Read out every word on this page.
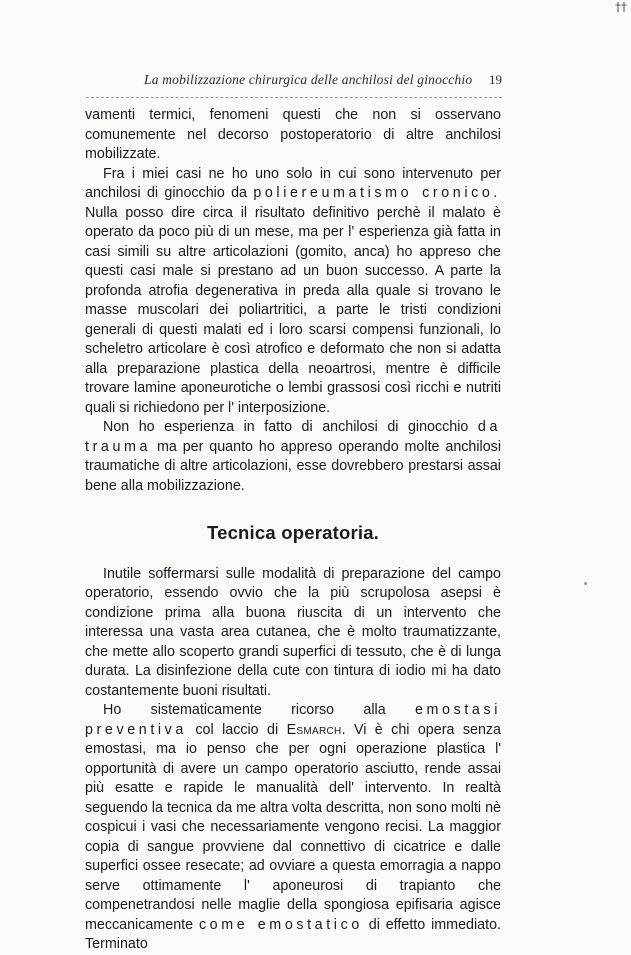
††
La mobilizzazione chirurgica delle anchilosi del ginocchio 19

vamenti termici, fenomeni questi che non si osservano comunemente nel decorso postoperatorio di altre anchilosi mobilizzate.

Fra i miei casi ne ho uno solo in cui sono intervenuto per anchilosi di ginocchio da poliereumatismo cronico. Nulla posso dire circa il risultato definitivo perchè il malato è operato da poco più di un mese, ma per l' esperienza già fatta in casi simili su altre articolazioni (gomito, anca) ho appreso che questi casi male si prestano ad un buon successo. A parte la profonda atrofia degenerativa in preda alla quale si trovano le masse muscolari dei poliartritici, a parte le tristi condizioni generali di questi malati ed i loro scarsi compensi funzionali, lo scheletro articolare è così atrofico e deformato che non si adatta alla preparazione plastica della neoartrosi, mentre è difficile trovare lamine aponeurotiche o lembi grassosi così ricchi e nutriti quali si richiedono per l' interposizione.

Non ho esperienza in fatto di anchilosi di ginocchio da trauma ma per quanto ho appreso operando molte anchilosi traumatiche di altre articolazioni, esse dovrebbero prestarsi assai bene alla mobilizzazione.

Tecnica operatoria.

Inutile soffermarsi sulle modalità di preparazione del campo operatorio, essendo ovvio che la più scrupolosa asepsi è condizione prima alla buona riuscita di un intervento che interessa una vasta area cutanea, che è molto traumatizzante, che mette allo scoperto grandi superfici di tessuto, che è di lunga durata. La disinfezione della cute con tintura di iodio mi ha dato costantemente buoni risultati.

Ho sistematicamente ricorso alla emostasi preventiva col laccio di Esmarch. Vi è chi opera senza emostasi, ma io penso che per ogni operazione plastica l' opportunità di avere un campo operatorio asciutto, rende assai più esatte e rapide le manualità dell' intervento. In realtà seguendo la tecnica da me altra volta descritta, non sono molti nè cospicui i vasi che necessariamente vengono recisi. La maggior copia di sangue provviene dal connettivo di cicatrice e dalle superfici ossee resecate; ad ovviare a questa emorragia a nappo serve ottimamente l' aponeurosi di trapianto che compenetrandosi nelle maglie della spongiosa epifisaria agisce meccanicamente come emostatico di effetto immediato. Terminato
